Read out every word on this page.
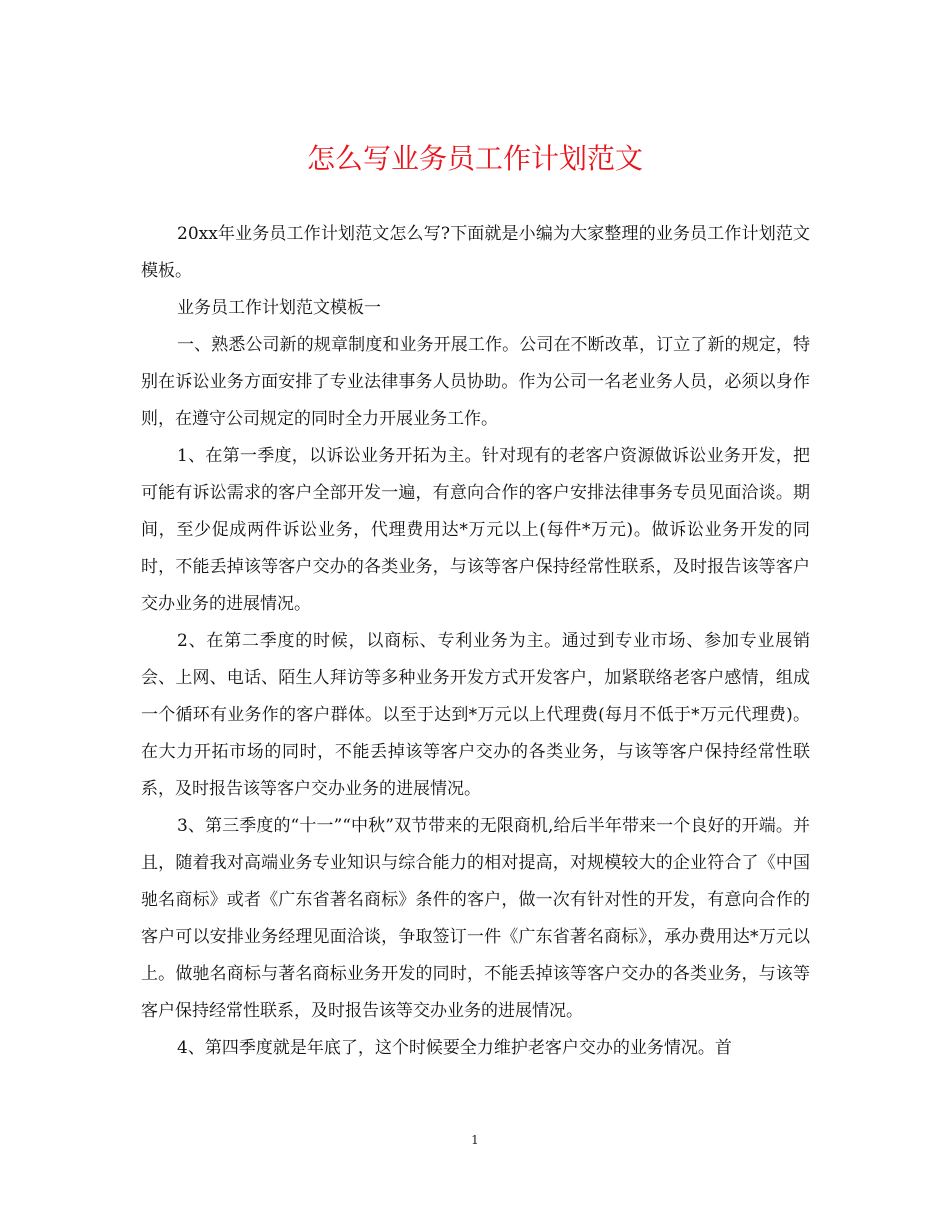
怎么写业务员工作计划范文

20xx年业务员工作计划范文怎么写?下面就是小编为大家整理的业务员工作计划范文模板。

业务员工作计划范文模板一

一、熟悉公司新的规章制度和业务开展工作。公司在不断改革，订立了新的规定，特别在诉讼业务方面安排了专业法律事务人员协助。作为公司一名老业务人员，必须以身作则，在遵守公司规定的同时全力开展业务工作。

1、在第一季度，以诉讼业务开拓为主。针对现有的老客户资源做诉讼业务开发，把可能有诉讼需求的客户全部开发一遍，有意向合作的客户安排法律事务专员见面洽谈。期间，至少促成两件诉讼业务，代理费用达*万元以上(每件*万元)。做诉讼业务开发的同时，不能丢掉该等客户交办的各类业务，与该等客户保持经常性联系，及时报告该等客户交办业务的进展情况。

2、在第二季度的时候，以商标、专利业务为主。通过到专业市场、参加专业展销会、上网、电话、陌生人拜访等多种业务开发方式开发客户，加紧联络老客户感情，组成一个循环有业务作的客户群体。以至于达到*万元以上代理费(每月不低于*万元代理费)。在大力开拓市场的同时，不能丢掉该等客户交办的各类业务，与该等客户保持经常性联系，及时报告该等客户交办业务的进展情况。

3、第三季度的“十一”“中秋”双节带来的无限商机,给后半年带来一个良好的开端。并且，随着我对高端业务专业知识与综合能力的相对提高，对规模较大的企业符合了《中国驰名商标》或者《广东省著名商标》条件的客户，做一次有针对性的开发，有意向合作的客户可以安排业务经理见面洽谈，争取签订一件《广东省著名商标》，承办费用达*万元以上。做驰名商标与著名商标业务开发的同时，不能丢掉该等客户交办的各类业务，与该等客户保持经常性联系，及时报告该等交办业务的进展情况。

4、第四季度就是年底了，这个时候要全力维护老客户交办的业务情况。首

1
